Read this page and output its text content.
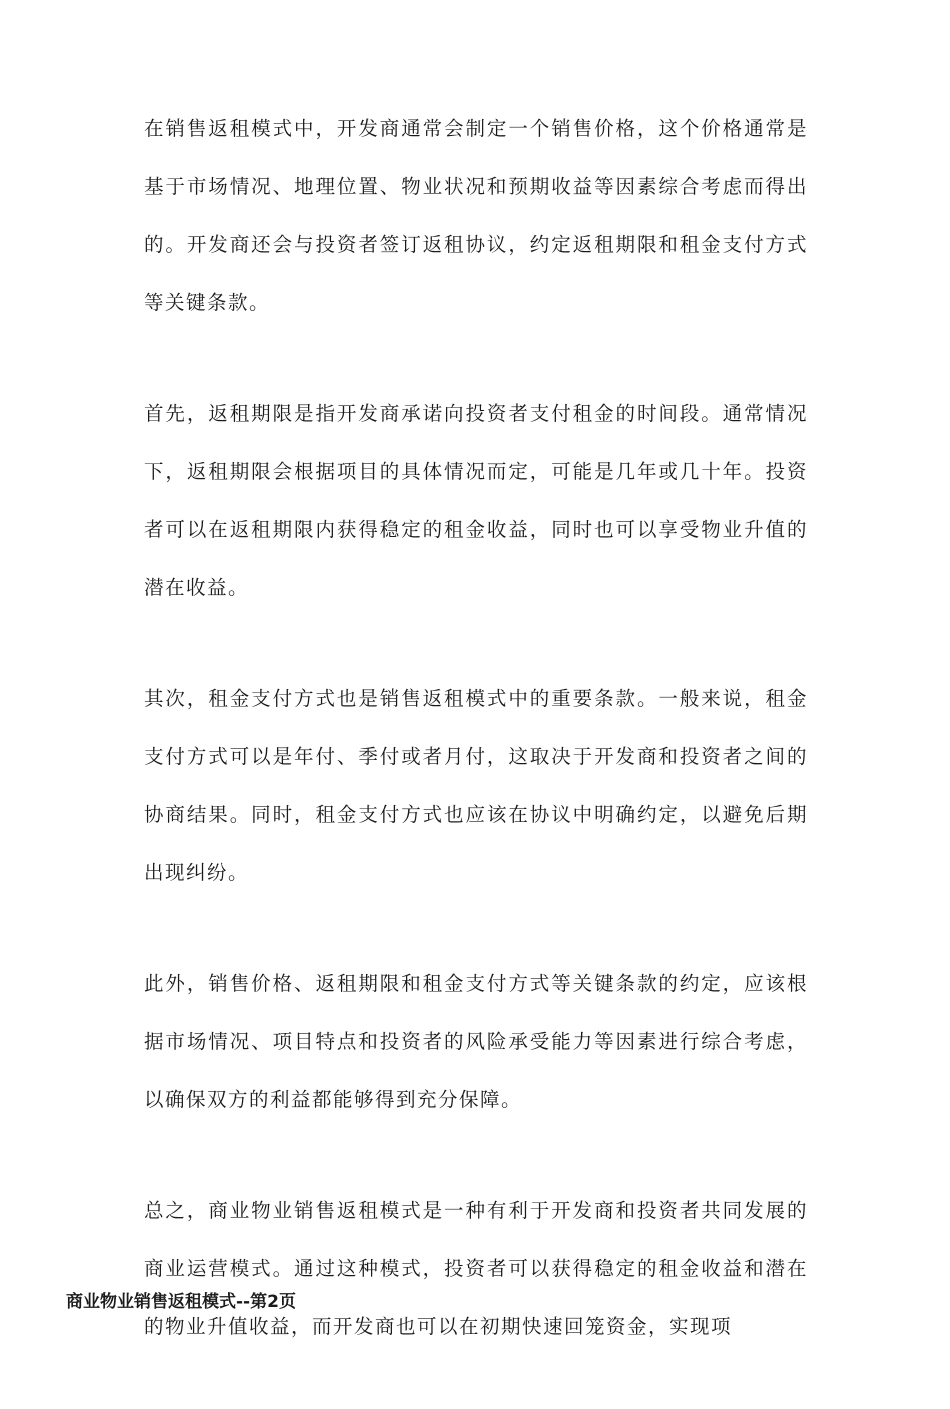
在销售返租模式中，开发商通常会制定一个销售价格，这个价格通常是基于市场情况、地理位置、物业状况和预期收益等因素综合考虑而得出的。开发商还会与投资者签订返租协议，约定返租期限和租金支付方式等关键条款。

首先，返租期限是指开发商承诺向投资者支付租金的时间段。通常情况下，返租期限会根据项目的具体情况而定，可能是几年或几十年。投资者可以在返租期限内获得稳定的租金收益，同时也可以享受物业升值的潜在收益。

其次，租金支付方式也是销售返租模式中的重要条款。一般来说，租金支付方式可以是年付、季付或者月付，这取决于开发商和投资者之间的协商结果。同时，租金支付方式也应该在协议中明确约定，以避免后期出现纠纷。

此外，销售价格、返租期限和租金支付方式等关键条款的约定，应该根据市场情况、项目特点和投资者的风险承受能力等因素进行综合考虑，以确保双方的利益都能够得到充分保障。

总之，商业物业销售返租模式是一种有利于开发商和投资者共同发展的商业运营模式。通过这种模式，投资者可以获得稳定的租金收益和潜在的物业升值收益，而开发商也可以在初期快速回笼资金，实现项

商业物业销售返租模式--第2页
